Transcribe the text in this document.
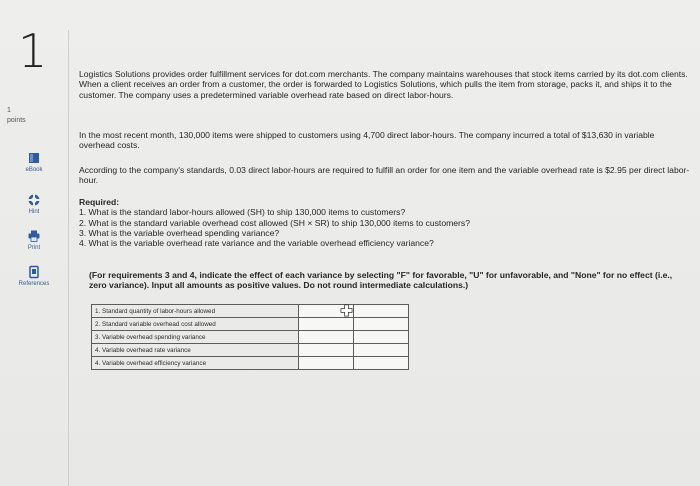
1
1
points
eBook
Hint
Print
References

Logistics Solutions provides order fulfillment services for dot.com merchants. The company maintains warehouses that stock items carried by its dot.com clients. When a client receives an order from a customer, the order is forwarded to Logistics Solutions, which pulls the item from storage, packs it, and ships it to the customer. The company uses a predetermined variable overhead rate based on direct labor-hours.

In the most recent month, 130,000 items were shipped to customers using 4,700 direct labor-hours. The company incurred a total of $13,630 in variable overhead costs.

According to the company's standards, 0.03 direct labor-hours are required to fulfill an order for one item and the variable overhead rate is $2.95 per direct labor-hour.

Required:

1. What is the standard labor-hours allowed (SH) to ship 130,000 items to customers?

2. What is the standard variable overhead cost allowed (SH × SR) to ship 130,000 items to customers?

3. What is the variable overhead spending variance?

4. What is the variable overhead rate variance and the variable overhead efficiency variance?

(For requirements 3 and 4, indicate the effect of each variance by selecting "F" for favorable, "U" for unfavorable, and "None" for no effect (i.e., zero variance). Input all amounts as positive values. Do not round intermediate calculations.)

1. Standard quantity of labor-hours allowed	

2. Standard variable overhead cost allowed	

3. Variable overhead spending variance	

4. Variable overhead rate variance	

4. Variable overhead efficiency variance	
